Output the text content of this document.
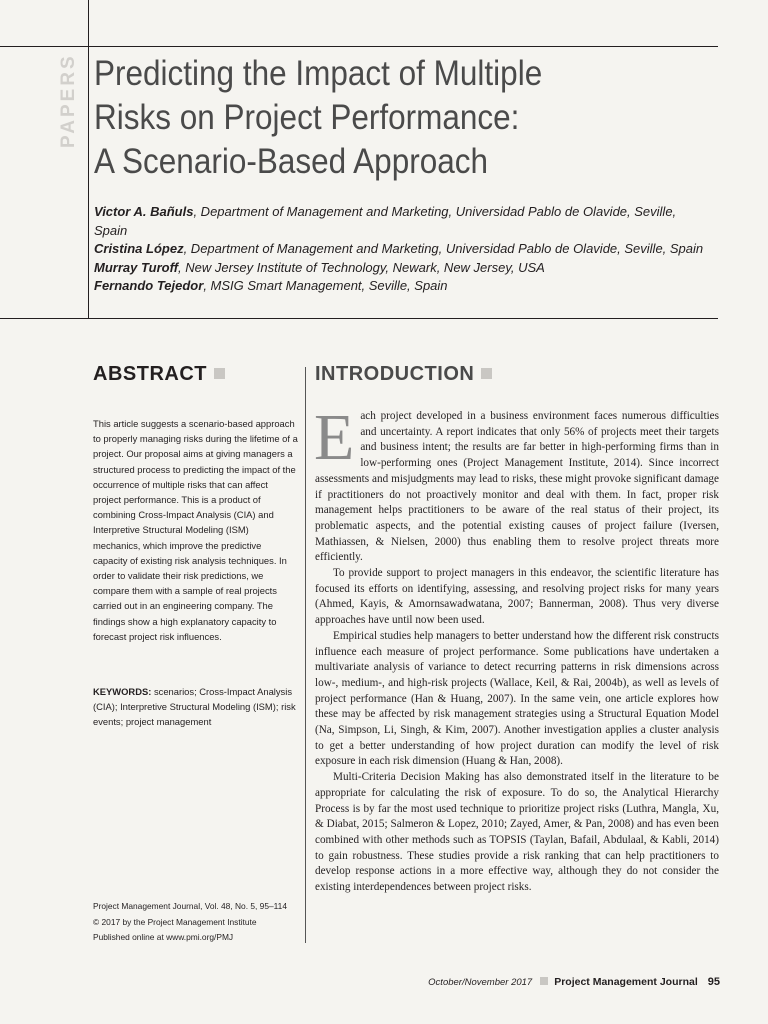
PAPERS Predicting the Impact of Multiple
Risks on Project Performance:
A Scenario-Based Approach
Victor A. Bañuls, Department of Management and Marketing, Universidad Pablo de Olavide, Seville, Spain
Cristina López, Department of Management and Marketing, Universidad Pablo de Olavide, Seville, Spain
Murray Turoff, New Jersey Institute of Technology, Newark, New Jersey, USA
Fernando Tejedor, MSIG Smart Management, Seville, Spain
ABSTRACT
This article suggests a scenario-based approach to properly managing risks during the lifetime of a project. Our proposal aims at giving managers a structured process to predicting the impact of the occurrence of multiple risks that can affect project performance. This is a product of combining Cross-Impact Analysis (CIA) and Interpretive Structural Modeling (ISM) mechanics, which improve the predictive capacity of existing risk analysis techniques. In order to validate their risk predictions, we compare them with a sample of real projects carried out in an engineering company. The findings show a high explanatory capacity to forecast project risk influences.
KEYWORDS: scenarios; Cross-Impact Analysis (CIA); Interpretive Structural Modeling (ISM); risk events; project management
Project Management Journal, Vol. 48, No. 5, 95–114
© 2017 by the Project Management Institute
Published online at www.pmi.org/PMJ
INTRODUCTION

Each project developed in a business environment faces numerous difficulties and uncertainty. A report indicates that only 56% of projects meet their targets and business intent; the results are far better in high-performing firms than in low-performing ones (Project Management Institute, 2014). Since incorrect assessments and misjudgments may lead to risks, these might provoke significant damage if practitioners do not proactively monitor and deal with them. In fact, proper risk management helps practitioners to be aware of the real status of their project, its problematic aspects, and the potential existing causes of project failure (Iversen, Mathiassen, & Nielsen, 2000) thus enabling them to resolve project threats more efficiently.

To provide support to project managers in this endeavor, the scientific literature has focused its efforts on identifying, assessing, and resolving project risks for many years (Ahmed, Kayis, & Amornsawadwatana, 2007; Bannerman, 2008). Thus very diverse approaches have until now been used.

Empirical studies help managers to better understand how the different risk constructs influence each measure of project performance. Some publications have undertaken a multivariate analysis of variance to detect recurring patterns in risk dimensions across low-, medium-, and high-risk projects (Wallace, Keil, & Rai, 2004b), as well as levels of project performance (Han & Huang, 2007). In the same vein, one article explores how these may be affected by risk management strategies using a Structural Equation Model (Na, Simpson, Li, Singh, & Kim, 2007). Another investigation applies a cluster analysis to get a better understanding of how project duration can modify the level of risk exposure in each risk dimension (Huang & Han, 2008).

Multi-Criteria Decision Making has also demonstrated itself in the literature to be appropriate for calculating the risk of exposure. To do so, the Analytical Hierarchy Process is by far the most used technique to prioritize project risks (Luthra, Mangla, Xu, & Diabat, 2015; Salmeron & Lopez, 2010; Zayed, Amer, & Pan, 2008) and has even been combined with other methods such as TOPSIS (Taylan, Bafail, Abdulaal, & Kabli, 2014) to gain robustness. These studies provide a risk ranking that can help practitioners to develop response actions in a more effective way, although they do not consider the existing interdependences between project risks.

October/November 2017 Project Management Journal 95
